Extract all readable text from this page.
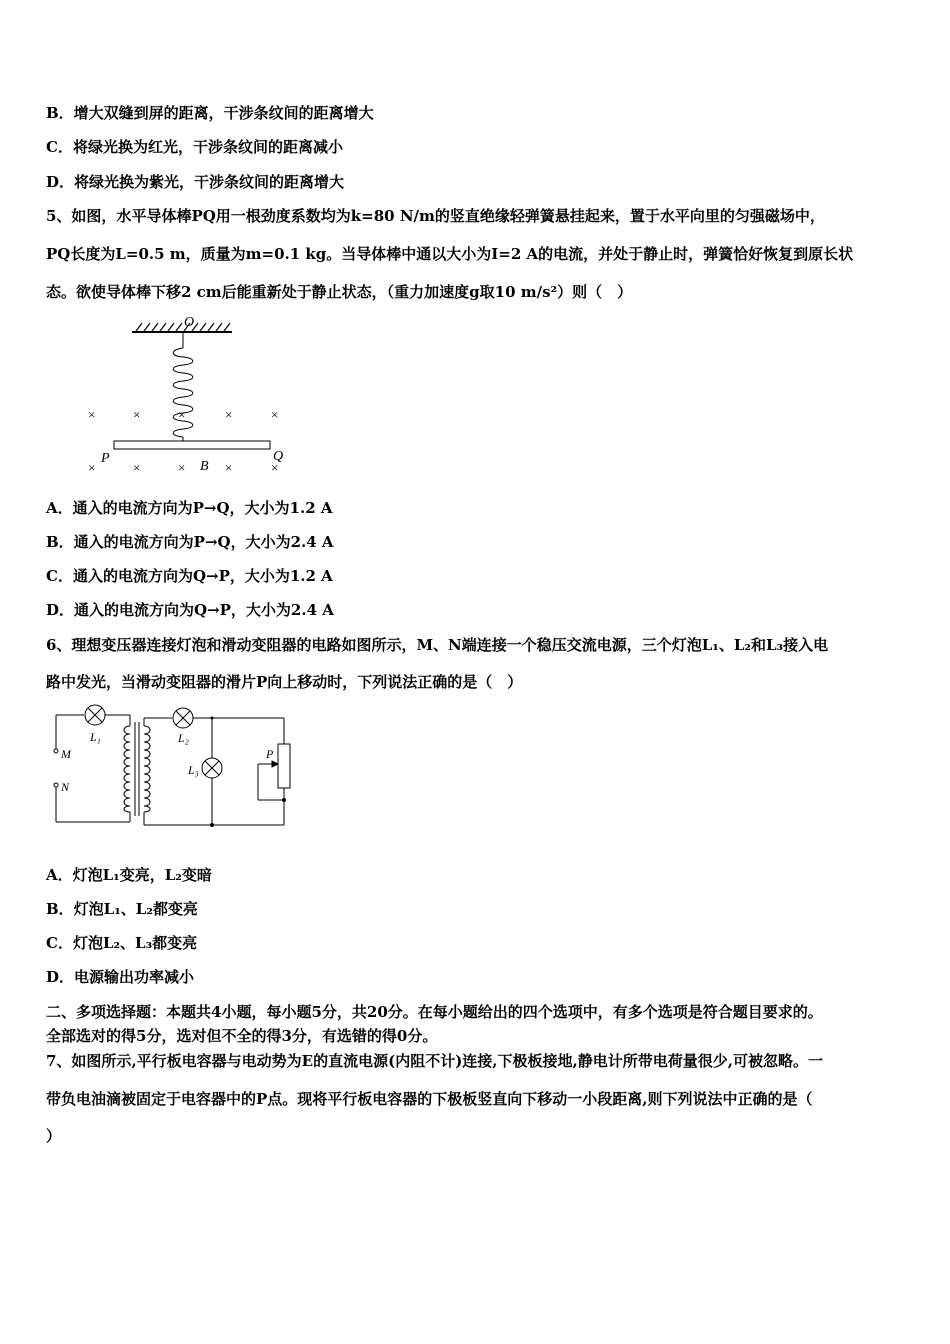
B．增大双缝到屏的距离，干涉条纹间的距离增大
C．将绿光换为红光，干涉条纹间的距离减小
D．将绿光换为紫光，干涉条纹间的距离增大
5、如图，水平导体棒PQ用一根劲度系数均为k=80 N/m的竖直绝缘轻弹簧悬挂起来，置于水平向里的匀强磁场中，
PQ长度为L=0.5 m，质量为m=0.1 kg。当导体棒中通以大小为I=2 A的电流，并处于静止时，弹簧恰好恢复到原长状
态。欲使导体棒下移2 cm后能重新处于静止状态，（重力加速度g取10 m/s²）则（　）
O
×	×	×	×	×
×	×	×	×	×
P	Q
B
A．通入的电流方向为P→Q，大小为1.2 A
B．通入的电流方向为P→Q，大小为2.4 A
C．通入的电流方向为Q→P，大小为1.2 A
D．通入的电流方向为Q→P，大小为2.4 A
6、理想变压器连接灯泡和滑动变阻器的电路如图所示，M、N端连接一个稳压交流电源，三个灯泡L₁、L₂和L₃接入电
路中发光，当滑动变阻器的滑片P向上移动时，下列说法正确的是（　）
M
N
L₁	L₂
L₃
P
A．灯泡L₁变亮，L₂变暗
B．灯泡L₁、L₂都变亮
C．灯泡L₂、L₃都变亮
D．电源输出功率减小
二、多项选择题：本题共4小题，每小题5分，共20分。在每小题给出的四个选项中，有多个选项是符合题目要求的。
全部选对的得5分，选对但不全的得3分，有选错的得0分。
7、如图所示,平行板电容器与电动势为E的直流电源(内阻不计)连接,下极板接地,静电计所带电荷量很少,可被忽略。一
带负电油滴被固定于电容器中的P点。现将平行板电容器的下极板竖直向下移动一小段距离,则下列说法中正确的是（
）
